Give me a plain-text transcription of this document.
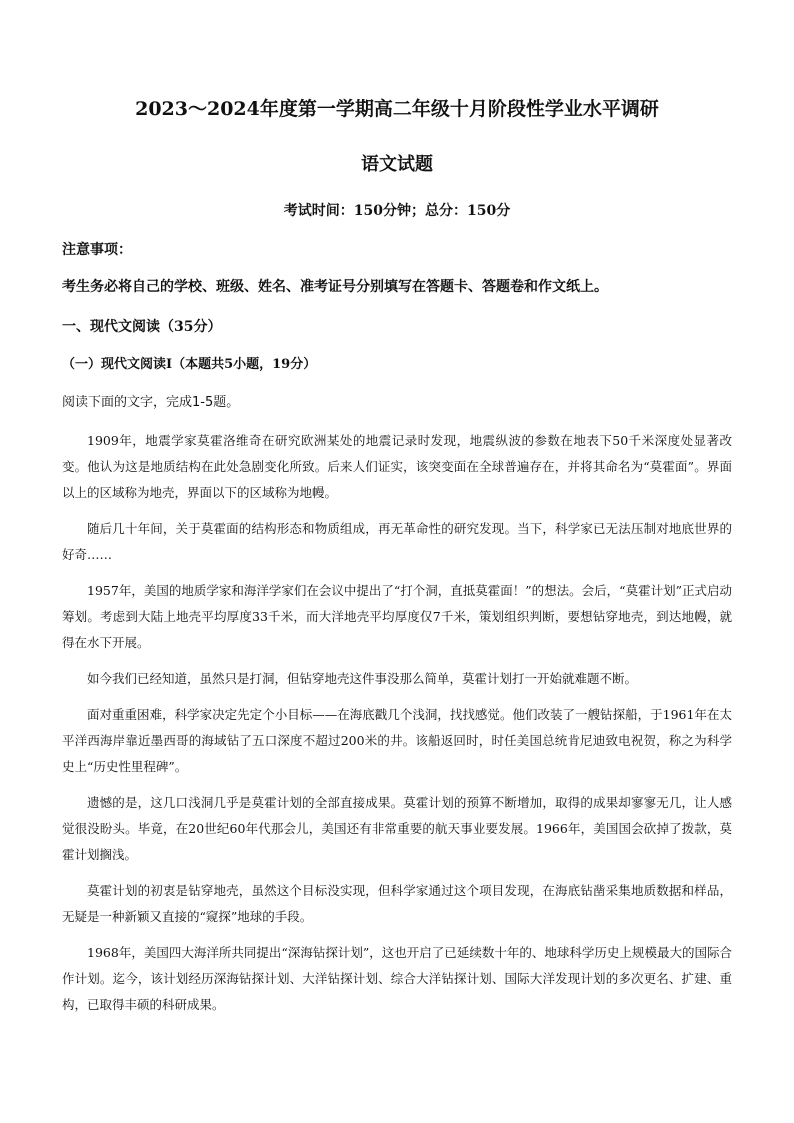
2023～2024年度第一学期高二年级十月阶段性学业水平调研
语文试题
考试时间：150分钟；总分：150分
注意事项：
考生务必将自己的学校、班级、姓名、准考证号分别填写在答题卡、答题卷和作文纸上。
一、现代文阅读（35分）
（一）现代文阅读Ⅰ（本题共5小题，19分）
阅读下面的文字，完成1-5题。

1909年，地震学家莫霍洛维奇在研究欧洲某处的地震记录时发现，地震纵波的参数在地表下50千米深度处显著改变。他认为这是地质结构在此处急剧变化所致。后来人们证实，该突变面在全球普遍存在，并将其命名为“莫霍面”。界面以上的区域称为地壳，界面以下的区域称为地幔。

随后几十年间，关于莫霍面的结构形态和物质组成，再无革命性的研究发现。当下，科学家已无法压制对地底世界的好奇……

1957年，美国的地质学家和海洋学家们在会议中提出了“打个洞，直抵莫霍面！”的想法。会后，“莫霍计划”正式启动筹划。考虑到大陆上地壳平均厚度33千米，而大洋地壳平均厚度仅7千米，策划组织判断，要想钻穿地壳，到达地幔，就得在水下开展。

如今我们已经知道，虽然只是打洞，但钻穿地壳这件事没那么简单，莫霍计划打一开始就难题不断。

面对重重困难，科学家决定先定个小目标——在海底戳几个浅洞，找找感觉。他们改装了一艘钻探船，于1961年在太平洋西海岸靠近墨西哥的海域钻了五口深度不超过200米的井。该船返回时，时任美国总统肯尼迪致电祝贺，称之为科学史上“历史性里程碑”。

遗憾的是，这几口浅洞几乎是莫霍计划的全部直接成果。莫霍计划的预算不断增加，取得的成果却寥寥无几，让人感觉很没盼头。毕竟，在20世纪60年代那会儿，美国还有非常重要的航天事业要发展。1966年，美国国会砍掉了拨款，莫霍计划搁浅。

莫霍计划的初衷是钻穿地壳，虽然这个目标没实现，但科学家通过这个项目发现，在海底钻凿采集地质数据和样品，无疑是一种新颖又直接的“窥探”地球的手段。

1968年，美国四大海洋所共同提出“深海钻探计划”，这也开启了已延续数十年的、地球科学历史上规模最大的国际合作计划。迄今，该计划经历深海钻探计划、大洋钻探计划、综合大洋钻探计划、国际大洋发现计划的多次更名、扩建、重构，已取得丰硕的科研成果。
